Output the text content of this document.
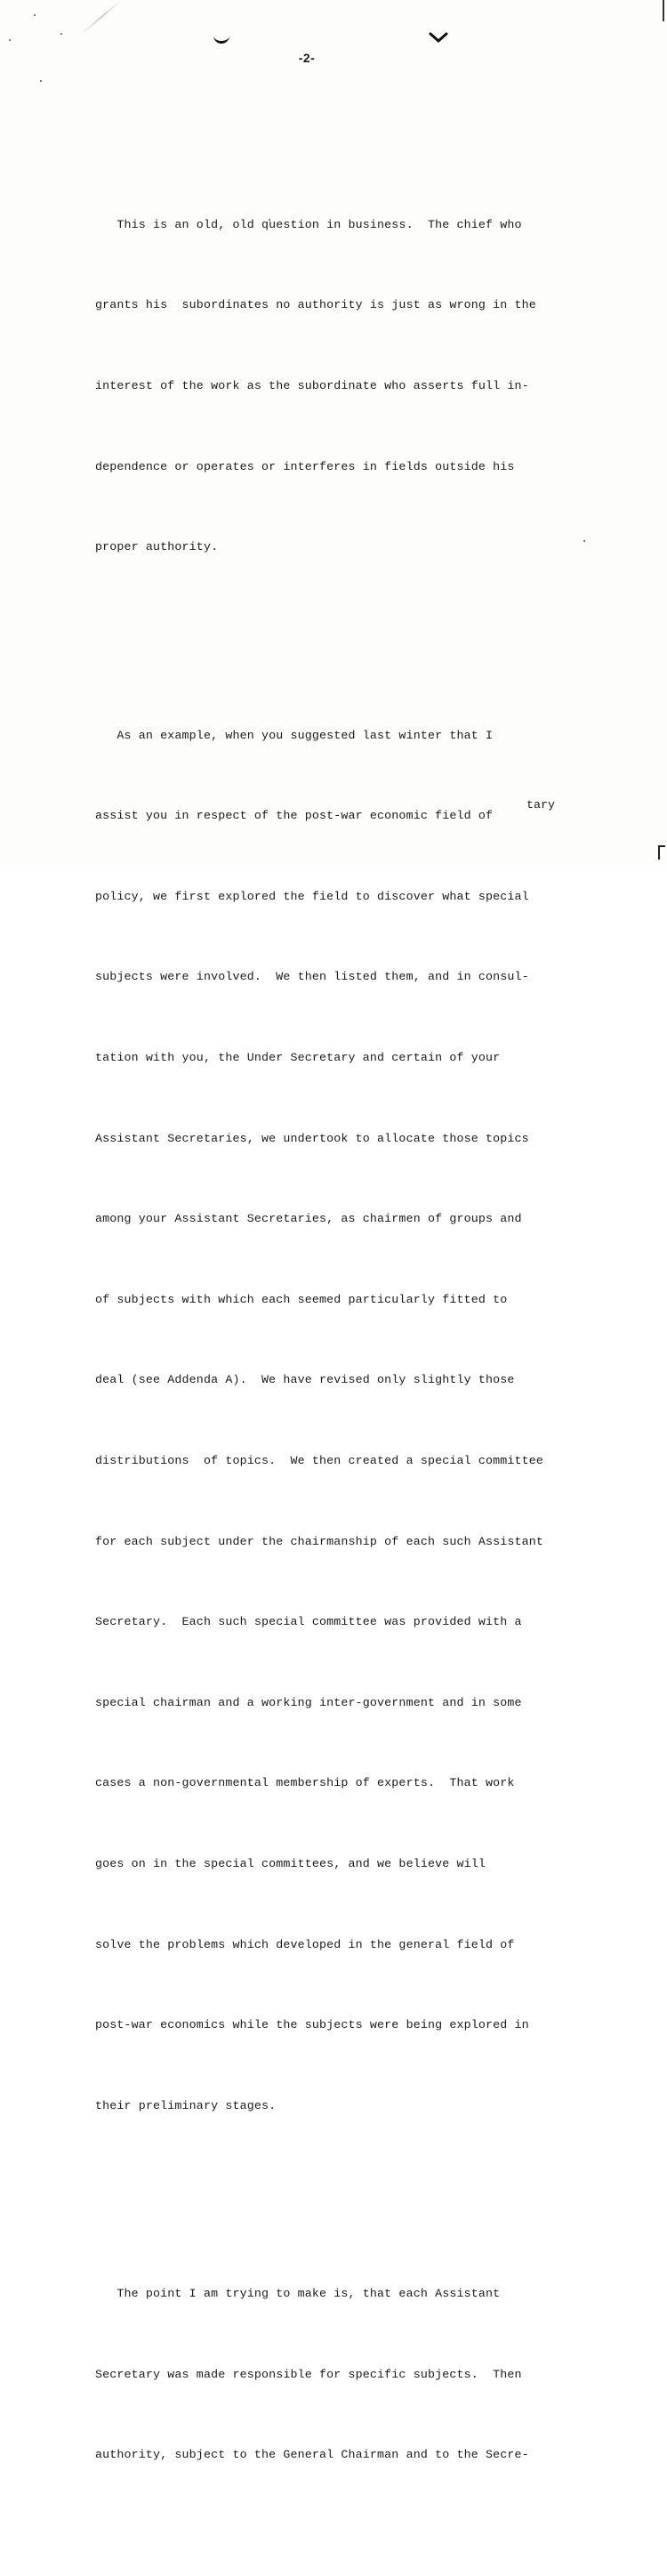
-2-

This is an old, old question in business.  The chief who

grants his  subordinates no authority is just as wrong in the

interest of the work as the subordinate who asserts full in-

dependence or operates or interferes in fields outside his

proper authority.

As an example, when you suggested last winter that I

assist you in respect of the post-war economic field of

policy, we first explored the field to discover what special

subjects were involved.  We then listed them, and in consul-

tation with you, the Under Secretary and certain of your

Assistant Secretaries, we undertook to allocate those topics

among your Assistant Secretaries, as chairmen of groups and

of subjects with which each seemed particularly fitted to

deal (see Addenda A).  We have revised only slightly those

distributions  of topics.  We then created a special committee

for each subject under the chairmanship of each such Assistant

Secretary.  Each such special committee was provided with a

special chairman and a working inter-government and in some

cases a non-governmental membership of experts.  That work

goes on in the special committees, and we believe will

solve the problems which developed in the general field of

post-war economics while the subjects were being explored in

their preliminary stages.

The point I am trying to make is, that each Assistant

Secretary was made responsible for specific subjects.  Then

authority, subject to the General Chairman and to the Secre-

tary
